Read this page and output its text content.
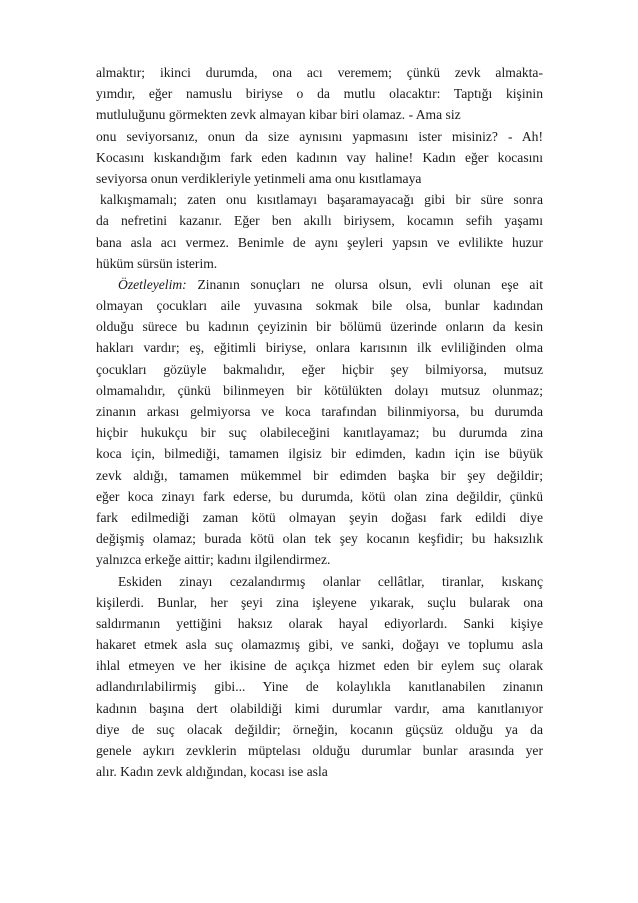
almaktır; ikinci durumda, ona acı veremem; çünkü zevk almakta-
yımdır, eğer namuslu biriyse o da mutlu olacaktır: Taptığı kişinin
mutluluğunu görmekten zevk almayan kibar biri olamaz. - Ama siz
onu seviyorsanız, onun da size aynısını yapmasını ister misiniz? - Ah!
Kocasını kıskandığım fark eden kadının vay haline! Kadın eğer kocasını
seviyorsa onun verdikleriyle yetinmeli ama onu kısıtlamaya
kalkışmamalı; zaten onu kısıtlamayı başaramayacağı gibi bir süre sonra
da nefretini kazanır. Eğer ben akıllı biriysem, kocamın sefih yaşamı
bana asla acı vermez. Benimle de aynı şeyleri yapsın ve evlilikte huzur
hüküm sürsün isterim.
Özetleyelim: Zinanın sonuçları ne olursa olsun, evli olunan eşe ait
olmayan çocukları aile yuvasına sokmak bile olsa, bunlar kadından
olduğu sürece bu kadının çeyizinin bir bölümü üzerinde onların da kesin
hakları vardır; eş, eğitimli biriyse, onlara karısının ilk evliliğinden olma
çocukları gözüyle bakmalıdır, eğer hiçbir şey bilmiyorsa, mutsuz
olmamalıdır, çünkü bilinmeyen bir kötülükten dolayı mutsuz olunmaz;
zinanın arkası gelmiyorsa ve koca tarafından bilinmiyorsa, bu durumda
hiçbir hukukçu bir suç olabileceğini kanıtlayamaz; bu durumda zina
koca için, bilmediği, tamamen ilgisiz bir edimden, kadın için ise büyük
zevk aldığı, tamamen mükemmel bir edimden başka bir şey değildir;
eğer koca zinayı fark ederse, bu durumda, kötü olan zina değildir, çünkü
fark edilmediği zaman kötü olmayan şeyin doğası fark edildi diye
değişmiş olamaz; burada kötü olan tek şey kocanın keşfidir; bu haksızlık
yalnızca erkeğe aittir; kadını ilgilendirmez.
Eskiden zinayı cezalandırmış olanlar cellâtlar, tiranlar, kıskanç
kişilerdi. Bunlar, her şeyi zina işleyene yıkarak, suçlu bularak ona
saldırmanın yettiğini haksız olarak hayal ediyorlardı. Sanki kişiye
hakaret etmek asla suç olamazmış gibi, ve sanki, doğayı ve toplumu asla
ihlal etmeyen ve her ikisine de açıkça hizmet eden bir eylem suç olarak
adlandırılabilirmiş gibi... Yine de kolaylıkla kanıtlanabilen zinanın
kadının başına dert olabildiği kimi durumlar vardır, ama kanıtlanıyor
diye de suç olacak değildir; örneğin, kocanın güçsüz olduğu ya da
genele aykırı zevklerin müptelası olduğu durumlar bunlar arasında yer
alır. Kadın zevk aldığından, kocası ise asla
